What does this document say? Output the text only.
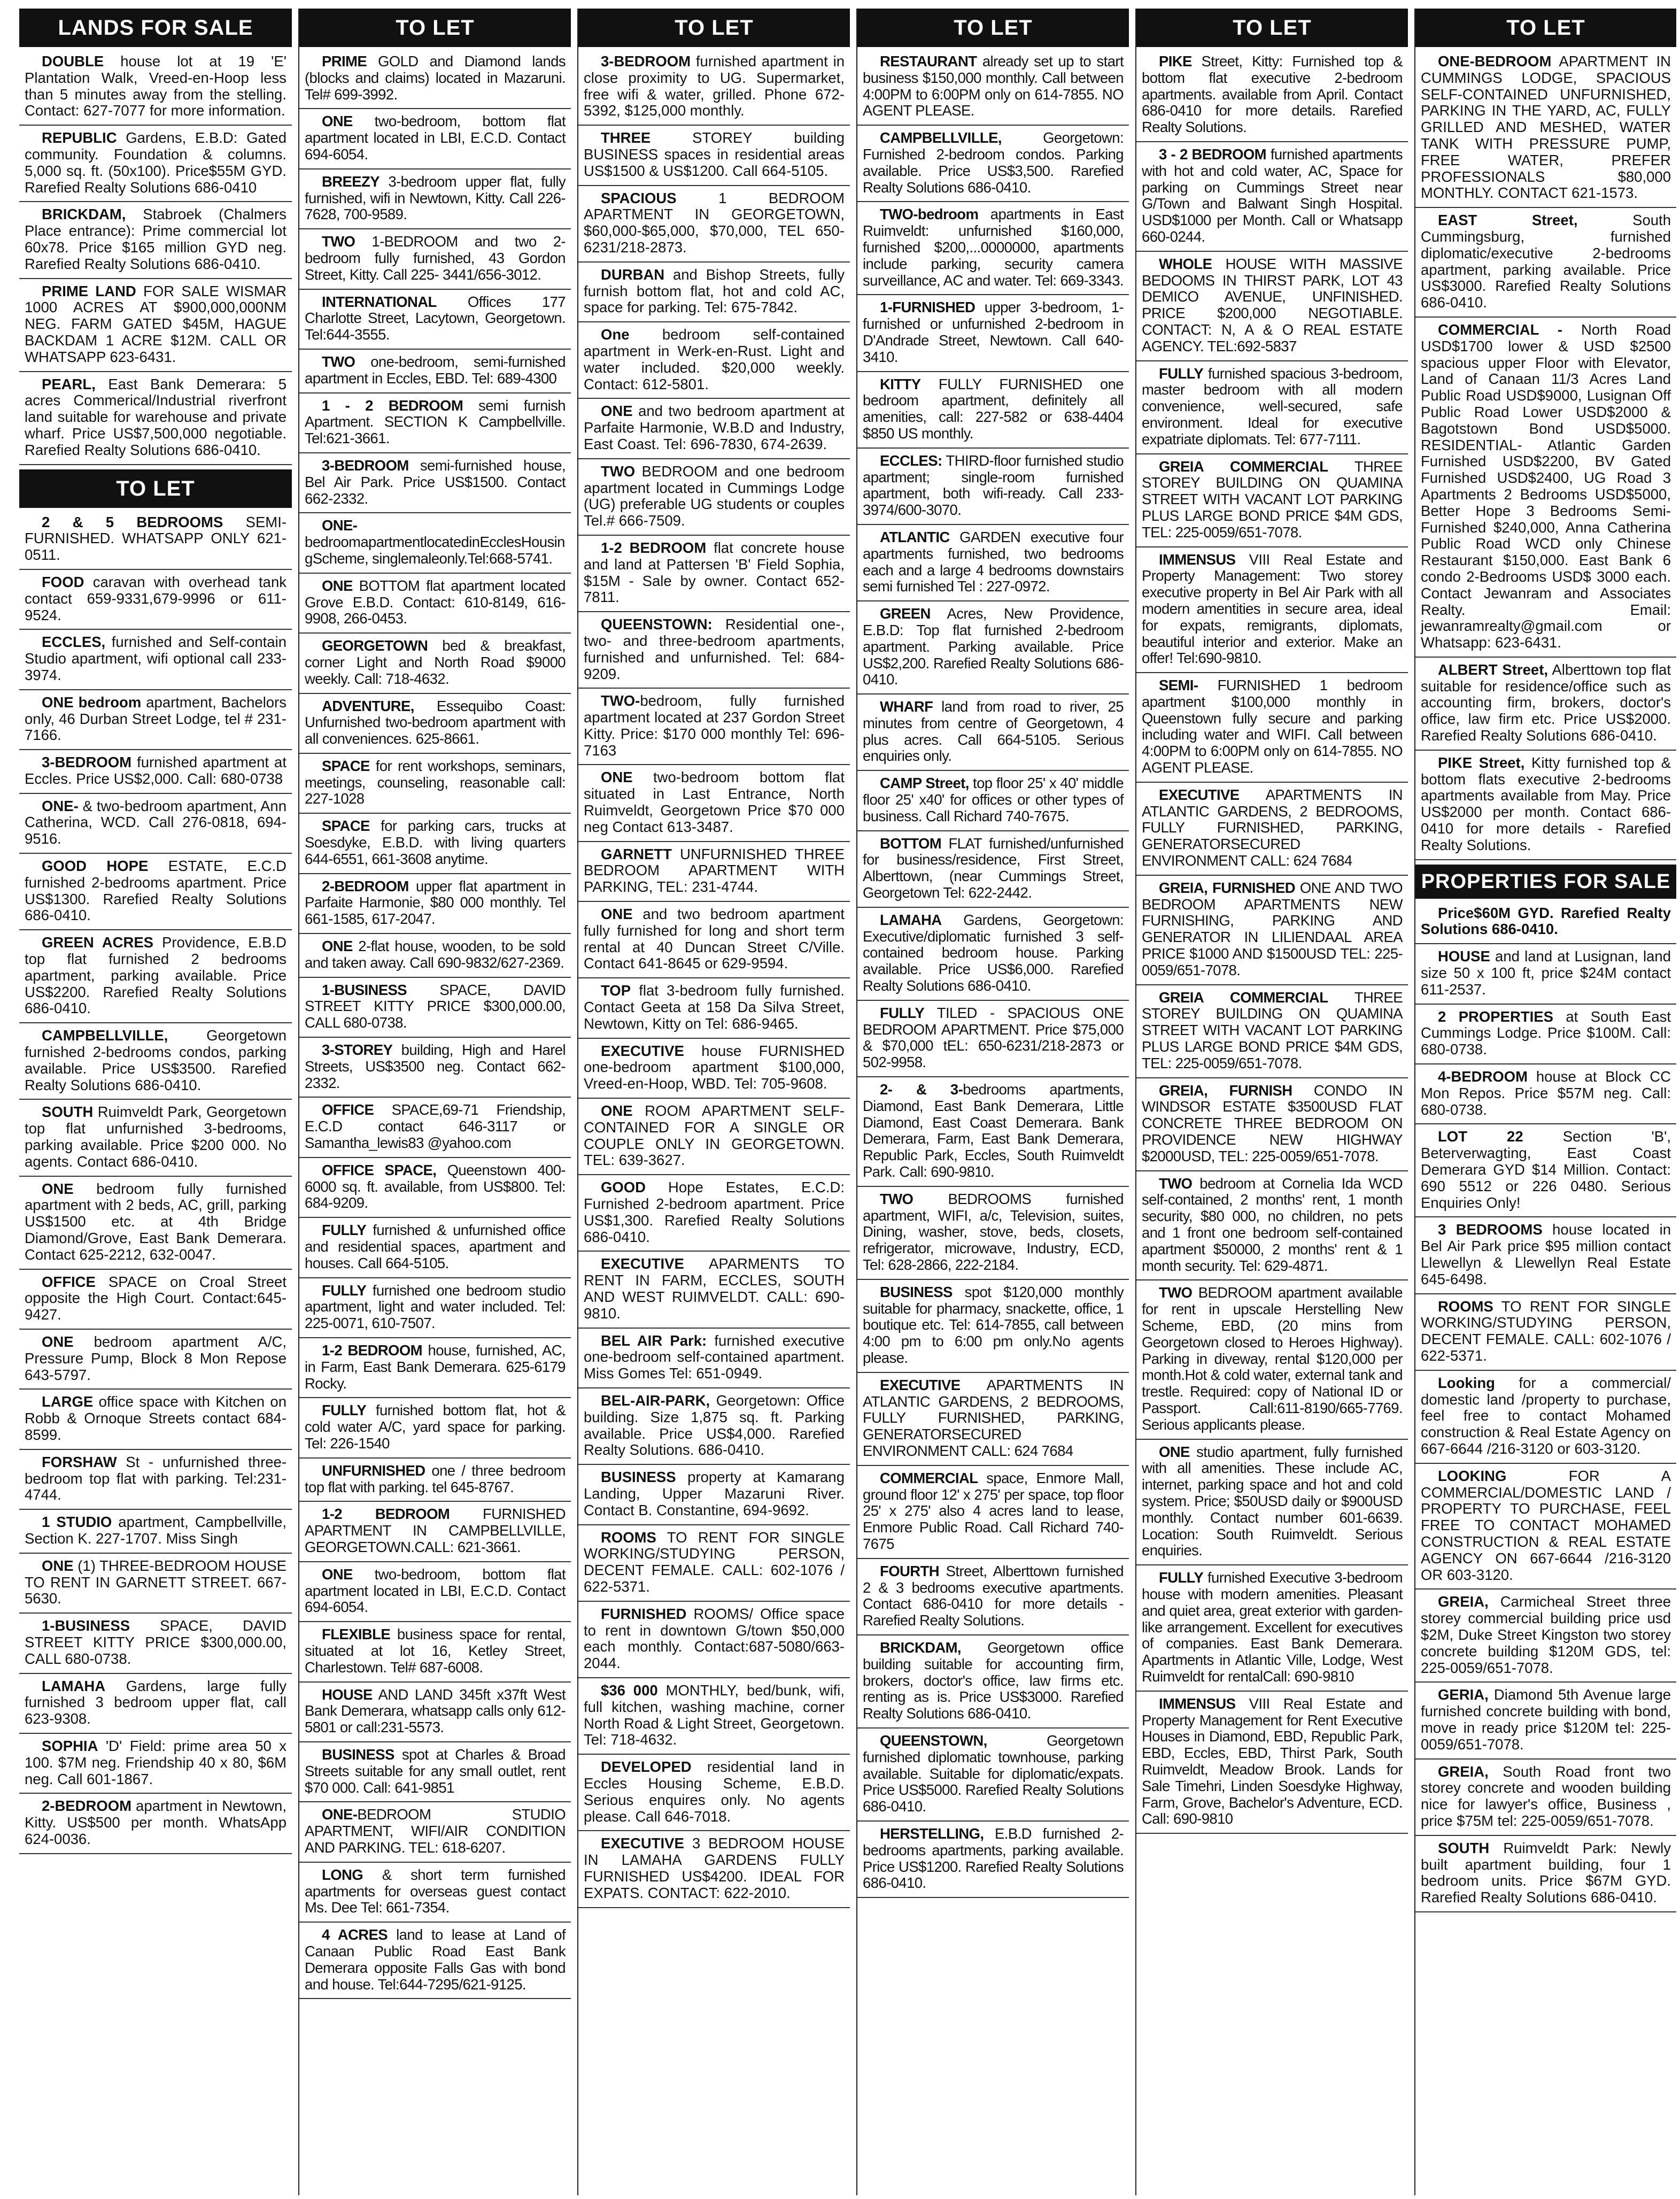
LANDS FOR SALE
DOUBLE house lot at 19 'E' Plantation Walk, Vreed-en-Hoop less than 5 minutes away from the stelling. Contact: 627-7077 for more information.
REPUBLIC Gardens, E.B.D: Gated community. Foundation & columns. 5,000 sq. ft. (50x100). Price$55M GYD. Rarefied Realty Solutions 686-0410
BRICKDAM, Stabroek (Chalmers Place entrance): Prime commercial lot 60x78. Price $165 million GYD neg. Rarefied Realty Solutions 686-0410.
PRIME LAND FOR SALE WISMAR 1000 ACRES AT $900,000,000NM NEG. FARM GATED $45M, HAGUE BACKDAM 1 ACRE $12M. CALL OR WHATSAPP 623-6431.
PEARL, East Bank Demerara: 5 acres Commerical/Industrial riverfront land suitable for warehouse and private wharf. Price US$7,500,000 negotiable. Rarefied Realty Solutions 686-0410.
TO LET
2 & 5 BEDROOMS SEMI-FURNISHED. WHATSAPP ONLY 621-0511.
FOOD caravan with overhead tank contact 659-9331,679-9996 or 611-9524.
ECCLES, furnished and Self-contain Studio apartment, wifi optional call 233-3974.
ONE bedroom apartment, Bachelors only, 46 Durban Street Lodge, tel # 231-7166.
3-BEDROOM furnished apartment at Eccles. Price US$2,000. Call: 680-0738
ONE- & two-bedroom apartment, Ann Catherina, WCD. Call 276-0818, 694-9516.
GOOD HOPE ESTATE, E.C.D furnished 2-bedrooms apartment. Price US$1300. Rarefied Realty Solutions 686-0410.
GREEN ACRES Providence, E.B.D top flat furnished 2 bedrooms apartment, parking available. Price US$2200. Rarefied Realty Solutions 686-0410.
CAMPBELLVILLE, Georgetown furnished 2-bedrooms condos, parking available. Price US$3500. Rarefied Realty Solutions 686-0410.
SOUTH Ruimveldt Park, Georgetown top flat unfurnished 3-bedrooms, parking available. Price $200 000. No agents. Contact 686-0410.
ONE bedroom fully furnished apartment with 2 beds, AC, grill, parking US$1500 etc. at 4th Bridge Diamond/Grove, East Bank Demerara. Contact 625-2212, 632-0047.
OFFICE SPACE on Croal Street opposite the High Court. Contact:645-9427.
ONE bedroom apartment A/C, Pressure Pump, Block 8 Mon Repose 643-5797.
LARGE office space with Kitchen on Robb & Ornoque Streets contact 684-8599.
FORSHAW St - unfurnished three-bedroom top flat with parking. Tel:231-4744.
1 STUDIO apartment, Campbellville, Section K. 227-1707. Miss Singh
ONE (1) THREE-BEDROOM HOUSE TO RENT IN GARNETT STREET. 667-5630.
1-BUSINESS SPACE, DAVID STREET KITTY PRICE $300,000.00, CALL 680-0738.
LAMAHA Gardens, large fully furnished 3 bedroom upper flat, call 623-9308.
SOPHIA 'D' Field: prime area 50 x 100. $7M neg. Friendship 40 x 80, $6M neg. Call 601-1867.
2-BEDROOM apartment in Newtown, Kitty. US$500 per month. WhatsApp 624-0036.
TO LET
PRIME GOLD and Diamond lands (blocks and claims) located in Mazaruni. Tel# 699-3992.
ONE two-bedroom, bottom flat apartment located in LBI, E.C.D. Contact 694-6054.
BREEZY 3-bedroom upper flat, fully furnished, wifi in Newtown, Kitty. Call 226-7628, 700-9589.
TWO 1-BEDROOM and two 2-bedroom fully furnished, 43 Gordon Street, Kitty. Call 225- 3441/656-3012.
INTERNATIONAL Offices 177 Charlotte Street, Lacytown, Georgetown. Tel:644-3555.
TWO one-bedroom, semi-furnished apartment in Eccles, EBD. Tel: 689-4300
1 - 2 BEDROOM semi furnish Apartment. SECTION K Campbellville. Tel:621-3661.
3-BEDROOM semi-furnished house, Bel Air Park. Price US$1500. Contact 662-2332.
ONE-bedroomapartmentlocatedinEcclesHousingScheme, singlemaleonly.Tel:668-5741.
ONE BOTTOM flat apartment located Grove E.B.D. Contact: 610-8149, 616-9908, 266-0453.
GEORGETOWN bed & breakfast, corner Light and North Road $9000 weekly. Call: 718-4632.
ADVENTURE, Essequibo Coast: Unfurnished two-bedroom apartment with all conveniences. 625-8661.
SPACE for rent workshops, seminars, meetings, counseling, reasonable call: 227-1028
SPACE for parking cars, trucks at Soesdyke, E.B.D. with living quarters 644-6551, 661-3608 anytime.
2-BEDROOM upper flat apartment in Parfaite Harmonie, $80 000 monthly. Tel 661-1585, 617-2047.
ONE 2-flat house, wooden, to be sold and taken away. Call 690-9832/627-2369.
1-BUSINESS SPACE, DAVID STREET KITTY PRICE $300,000.00, CALL 680-0738.
3-STOREY building, High and Harel Streets, US$3500 neg. Contact 662-2332.
OFFICE SPACE,69-71 Friendship, E.C.D contact 646-3117 or Samantha_lewis83 @yahoo.com
OFFICE SPACE, Queenstown 400-6000 sq. ft. available, from US$800. Tel: 684-9209.
FULLY furnished & unfurnished office and residential spaces, apartment and houses. Call 664-5105.
FULLY furnished one bedroom studio apartment, light and water included. Tel: 225-0071, 610-7507.
1-2 BEDROOM house, furnished, AC, in Farm, East Bank Demerara. 625-6179 Rocky.
FULLY furnished bottom flat, hot & cold water A/C, yard space for parking. Tel: 226-1540
UNFURNISHED one / three bedroom top flat with parking. tel 645-8767.
1-2 BEDROOM FURNISHED APARTMENT IN CAMPBELLVILLE, GEORGETOWN.CALL: 621-3661.
ONE two-bedroom, bottom flat apartment located in LBI, E.C.D. Contact 694-6054.
FLEXIBLE business space for rental, situated at lot 16, Ketley Street, Charlestown. Tel# 687-6008.
HOUSE AND LAND 345ft x37ft West Bank Demerara, whatsapp calls only 612-5801 or call:231-5573.
BUSINESS spot at Charles & Broad Streets suitable for any small outlet, rent $70 000. Call: 641-9851
ONE-BEDROOM STUDIO APARTMENT, WIFI/AIR CONDITION AND PARKING. TEL: 618-6207.
LONG & short term furnished apartments for overseas guest contact Ms. Dee Tel: 661-7354.
4 ACRES land to lease at Land of Canaan Public Road East Bank Demerara opposite Falls Gas with bond and house. Tel:644-7295/621-9125.
TO LET
3-BEDROOM furnished apartment in close proximity to UG. Supermarket, free wifi & water, grilled. Phone 672-5392, $125,000 monthly.
THREE STOREY building BUSINESS spaces in residential areas US$1500 & US$1200. Call 664-5105.
SPACIOUS 1 BEDROOM APARTMENT IN GEORGETOWN, $60,000-$65,000, $70,000, TEL 650-6231/218-2873.
DURBAN and Bishop Streets, fully furnish bottom flat, hot and cold AC, space for parking. Tel: 675-7842.
One bedroom self-contained apartment in Werk-en-Rust. Light and water included. $20,000 weekly. Contact: 612-5801.
ONE and two bedroom apartment at Parfaite Harmonie, W.B.D and Industry, East Coast. Tel: 696-7830, 674-2639.
TWO BEDROOM and one bedroom apartment located in Cummings Lodge (UG) preferable UG students or couples Tel.# 666-7509.
1-2 BEDROOM flat concrete house and land at Pattersen 'B' Field Sophia, $15M - Sale by owner. Contact 652-7811.
QUEENSTOWN: Residential one-, two- and three-bedroom apartments, furnished and unfurnished. Tel: 684-9209.
TWO-bedroom, fully furnished apartment located at 237 Gordon Street Kitty. Price: $170 000 monthly Tel: 696-7163
ONE two-bedroom bottom flat situated in Last Entrance, North Ruimveldt, Georgetown Price $70 000 neg Contact 613-3487.
GARNETT UNFURNISHED THREE BEDROOM APARTMENT WITH PARKING, TEL: 231-4744.
ONE and two bedroom apartment fully furnished for long and short term rental at 40 Duncan Street C/Ville. Contact 641-8645 or 629-9594.
TOP flat 3-bedroom fully furnished. Contact Geeta at 158 Da Silva Street, Newtown, Kitty on Tel: 686-9465.
EXECUTIVE house FURNISHED one-bedroom apartment $100,000, Vreed-en-Hoop, WBD. Tel: 705-9608.
ONE ROOM APARTMENT SELF-CONTAINED FOR A SINGLE OR COUPLE ONLY IN GEORGETOWN. TEL: 639-3627.
GOOD Hope Estates, E.C.D: Furnished 2-bedroom apartment. Price US$1,300. Rarefied Realty Solutions 686-0410.
EXECUTIVE APARMENTS TO RENT IN FARM, ECCLES, SOUTH AND WEST RUIMVELDT. CALL: 690-9810.
BEL AIR Park: furnished executive one-bedroom self-contained apartment. Miss Gomes Tel: 651-0949.
BEL-AIR-PARK, Georgetown: Office building. Size 1,875 sq. ft. Parking available. Price US$4,000. Rarefied Realty Solutions. 686-0410.
BUSINESS property at Kamarang Landing, Upper Mazaruni River. Contact B. Constantine, 694-9692.
ROOMS TO RENT FOR SINGLE WORKING/STUDYING PERSON, DECENT FEMALE. CALL: 602-1076 / 622-5371.
FURNISHED ROOMS/ Office space to rent in downtown G/town $50,000 each monthly. Contact:687-5080/663-2044.
$36 000 MONTHLY, bed/bunk, wifi, full kitchen, washing machine, corner North Road & Light Street, Georgetown. Tel: 718-4632.
DEVELOPED residential land in Eccles Housing Scheme, E.B.D. Serious enquires only. No agents please. Call 646-7018.
EXECUTIVE 3 BEDROOM HOUSE IN LAMAHA GARDENS FULLY FURNISHED US$4200. IDEAL FOR EXPATS. CONTACT: 622-2010.
TO LET
RESTAURANT already set up to start business $150,000 monthly. Call between 4:00PM to 6:00PM only on 614-7855. NO AGENT PLEASE.
CAMPBELLVILLE, Georgetown: Furnished 2-bedroom condos. Parking available. Price US$3,500. Rarefied Realty Solutions 686-0410.
TWO-bedroom apartments in East Ruimveldt: unfurnished $160,000, furnished $200,...0000000, apartments include parking, security camera surveillance, AC and water. Tel: 669-3343.
1-FURNISHED upper 3-bedroom, 1-furnished or unfurnished 2-bedroom in D'Andrade Street, Newtown. Call 640-3410.
KITTY FULLY FURNISHED one bedroom apartment, definitely all amenities, call: 227-582 or 638-4404 $850 US monthly.
ECCLES: THIRD-floor furnished studio apartment; single-room furnished apartment, both wifi-ready. Call 233-3974/600-3070.
ATLANTIC GARDEN executive four apartments furnished, two bedrooms each and a large 4 bedrooms downstairs semi furnished Tel : 227-0972.
GREEN Acres, New Providence, E.B.D: Top flat furnished 2-bedroom apartment. Parking available. Price US$2,200. Rarefied Realty Solutions 686-0410.
WHARF land from road to river, 25 minutes from centre of Georgetown, 4 plus acres. Call 664-5105. Serious enquiries only.
CAMP Street, top floor 25' x 40' middle floor 25' x40' for offices or other types of business. Call Richard 740-7675.
BOTTOM FLAT furnished/unfurnished for business/residence, First Street, Alberttown, (near Cummings Street, Georgetown Tel: 622-2442.
LAMAHA Gardens, Georgetown: Executive/diplomatic furnished 3 self-contained bedroom house. Parking available. Price US$6,000. Rarefied Realty Solutions 686-0410.
FULLY TILED - SPACIOUS ONE BEDROOM APARTMENT. Price $75,000 & $70,000 tEL: 650-6231/218-2873 or 502-9958.
2- & 3-bedrooms apartments, Diamond, East Bank Demerara, Little Diamond, East Coast Demerara. Bank Demerara, Farm, East Bank Demerara, Republic Park, Eccles, South Ruimveldt Park. Call: 690-9810.
TWO BEDROOMS furnished apartment, WIFI, a/c, Television, suites, Dining, washer, stove, beds, closets, refrigerator, microwave, Industry, ECD, Tel: 628-2866, 222-2184.
BUSINESS spot $120,000 monthly suitable for pharmacy, snackette, office, 1 boutique etc. Tel: 614-7855, call between 4:00 pm to 6:00 pm only.No agents please.
EXECUTIVE APARTMENTS IN ATLANTIC GARDENS, 2 BEDROOMS, FULLY FURNISHED, PARKING, GENERATORSECURED ENVIRONMENT CALL: 624 7684
COMMERCIAL space, Enmore Mall, ground floor 12' x 275' per space, top floor 25' x 275' also 4 acres land to lease, Enmore Public Road. Call Richard 740-7675
FOURTH Street, Alberttown furnished 2 & 3 bedrooms executive apartments. Contact 686-0410 for more details - Rarefied Realty Solutions.
BRICKDAM, Georgetown office building suitable for accounting firm, brokers, doctor's office, law firms etc. renting as is. Price US$3000. Rarefied Realty Solutions 686-0410.
QUEENSTOWN, Georgetown furnished diplomatic townhouse, parking available. Suitable for diplomatic/expats. Price US$5000. Rarefied Realty Solutions 686-0410.
HERSTELLING, E.B.D furnished 2-bedrooms apartments, parking available. Price US$1200. Rarefied Realty Solutions 686-0410.
TO LET
PIKE Street, Kitty: Furnished top & bottom flat executive 2-bedroom apartments. available from April. Contact 686-0410 for more details. Rarefied Realty Solutions.
3 - 2 BEDROOM furnished apartments with hot and cold water, AC, Space for parking on Cummings Street near G/Town and Balwant Singh Hospital. USD$1000 per Month. Call or Whatsapp 660-0244.
WHOLE HOUSE WITH MASSIVE BEDOOMS IN THIRST PARK, LOT 43 DEMICO AVENUE, UNFINISHED. PRICE $200,000 NEGOTIABLE. CONTACT: N, A & O REAL ESTATE AGENCY. TEL:692-5837
FULLY furnished spacious 3-bedroom, master bedroom with all modern convenience, well-secured, safe environment. Ideal for executive expatriate diplomats. Tel: 677-7111.
GREIA COMMERCIAL THREE STOREY BUILDING ON QUAMINA STREET WITH VACANT LOT PARKING PLUS LARGE BOND PRICE $4M GDS, TEL: 225-0059/651-7078.
IMMENSUS VIII Real Estate and Property Management: Two storey executive property in Bel Air Park with all modern amentities in secure area, ideal for expats, remigrants, diplomats, beautiful interior and exterior. Make an offer! Tel:690-9810.
SEMI- FURNISHED 1 bedroom apartment $100,000 monthly in Queenstown fully secure and parking including water and WIFI. Call between 4:00PM to 6:00PM only on 614-7855. NO AGENT PLEASE.
EXECUTIVE APARTMENTS IN ATLANTIC GARDENS, 2 BEDROOMS, FULLY FURNISHED, PARKING, GENERATORSECURED ENVIRONMENT CALL: 624 7684
GREIA, FURNISHED ONE AND TWO BEDROOM APARTMENTS NEW FURNISHING, PARKING AND GENERATOR IN LILIENDAAL AREA PRICE $1000 AND $1500USD TEL: 225-0059/651-7078.
GREIA COMMERCIAL THREE STOREY BUILDING ON QUAMINA STREET WITH VACANT LOT PARKING PLUS LARGE BOND PRICE $4M GDS, TEL: 225-0059/651-7078.
GREIA, FURNISH CONDO IN WINDSOR ESTATE $3500USD FLAT CONCRETE THREE BEDROOM ON PROVIDENCE NEW HIGHWAY $2000USD, TEL: 225-0059/651-7078.
TWO bedroom at Cornelia Ida WCD self-contained, 2 months' rent, 1 month security, $80 000, no children, no pets and 1 front one bedroom self-contained apartment $50000, 2 months' rent & 1 month security. Tel: 629-4871.
TWO BEDROOM apartment available for rent in upscale Herstelling New Scheme, EBD, (20 mins from Georgetown closed to Heroes Highway). Parking in diveway, rental $120,000 per month.Hot & cold water, external tank and trestle. Required: copy of National ID or Passport. Call:611-8190/665-7769. Serious applicants please.
ONE studio apartment, fully furnished with all amenities. These include AC, internet, parking space and hot and cold system. Price; $50USD daily or $900USD monthly. Contact number 601-6639. Location: South Ruimveldt. Serious enquiries.
FULLY furnished Executive 3-bedroom house with modern amenities. Pleasant and quiet area, great exterior with garden- like arrangement. Excellent for executives of companies. East Bank Demerara. Apartments in Atlantic Ville, Lodge, West Ruimveldt for rentalCall: 690-9810
IMMENSUS VIII Real Estate and Property Management for Rent Executive Houses in Diamond, EBD, Republic Park, EBD, Eccles, EBD, Thirst Park, South Ruimveldt, Meadow Brook. Lands for Sale Timehri, Linden Soesdyke Highway, Farm, Grove, Bachelor's Adventure, ECD. Call: 690-9810
TO LET
ONE-BEDROOM APARTMENT IN CUMMINGS LODGE, SPACIOUS SELF-CONTAINED UNFURNISHED, PARKING IN THE YARD, AC, FULLY GRILLED AND MESHED, WATER TANK WITH PRESSURE PUMP, FREE WATER, PREFER PROFESSIONALS $80,000 MONTHLY. CONTACT 621-1573.
EAST Street, South Cummingsburg, furnished diplomatic/executive 2-bedrooms apartment, parking available. Price US$3000. Rarefied Realty Solutions 686-0410.
COMMERCIAL - North Road USD$1700 lower & USD $2500 spacious upper Floor with Elevator, Land of Canaan 11/3 Acres Land Public Road USD$9000, Lusignan Off Public Road Lower USD$2000 & Bagotstown Bond USD$5000. RESIDENTIAL- Atlantic Garden Furnished USD$2200, BV Gated Furnished USD$2400, UG Road 3 Apartments 2 Bedrooms USD$5000, Better Hope 3 Bedrooms Semi-Furnished $240,000, Anna Catherina Public Road WCD only Chinese Restaurant $150,000. East Bank 6 condo 2-Bedrooms USD$ 3000 each. Contact Jewanram and Associates Realty. Email: jewanramrealty@gmail.com or Whatsapp: 623-6431.
ALBERT Street, Alberttown top flat suitable for residence/office such as accounting firm, brokers, doctor's office, law firm etc. Price US$2000. Rarefied Realty Solutions 686-0410.
PIKE Street, Kitty furnished top & bottom flats executive 2-bedrooms apartments available from May. Price US$2000 per month. Contact 686-0410 for more details - Rarefied Realty Solutions.
PROPERTIES FOR SALE
Price$60M GYD. Rarefied Realty Solutions 686-0410.
HOUSE and land at Lusignan, land size 50 x 100 ft, price $24M contact 611-2537.
2 PROPERTIES at South East Cummings Lodge. Price $100M. Call: 680-0738.
4-BEDROOM house at Block CC Mon Repos. Price $57M neg. Call: 680-0738.
LOT 22 Section 'B', Beterverwagting, East Coast Demerara GYD $14 Million. Contact: 690 5512 or 226 0480. Serious Enquiries Only!
3 BEDROOMS house located in Bel Air Park price $95 million contact Llewellyn & Llewellyn Real Estate 645-6498.
ROOMS TO RENT FOR SINGLE WORKING/STUDYING PERSON, DECENT FEMALE. CALL: 602-1076 / 622-5371.
Looking for a commercial/ domestic land /property to purchase, feel free to contact Mohamed construction & Real Estate Agency on 667-6644 /216-3120 or 603-3120.
LOOKING FOR A COMMERCIAL/DOMESTIC LAND / PROPERTY TO PURCHASE, FEEL FREE TO CONTACT MOHAMED CONSTRUCTION & REAL ESTATE AGENCY ON 667-6644 /216-3120 OR 603-3120.
GREIA, Carmicheal Street three storey commercial building price usd $2M, Duke Street Kingston two storey concrete building $120M GDS, tel: 225-0059/651-7078.
GERIA, Diamond 5th Avenue large furnished concrete building with bond, move in ready price $120M tel: 225-0059/651-7078.
GREIA, South Road front two storey concrete and wooden building nice for lawyer's office, Business , price $75M tel: 225-0059/651-7078.
SOUTH Ruimveldt Park: Newly built apartment building, four 1 bedroom units. Price $67M GYD. Rarefied Realty Solutions 686-0410.
